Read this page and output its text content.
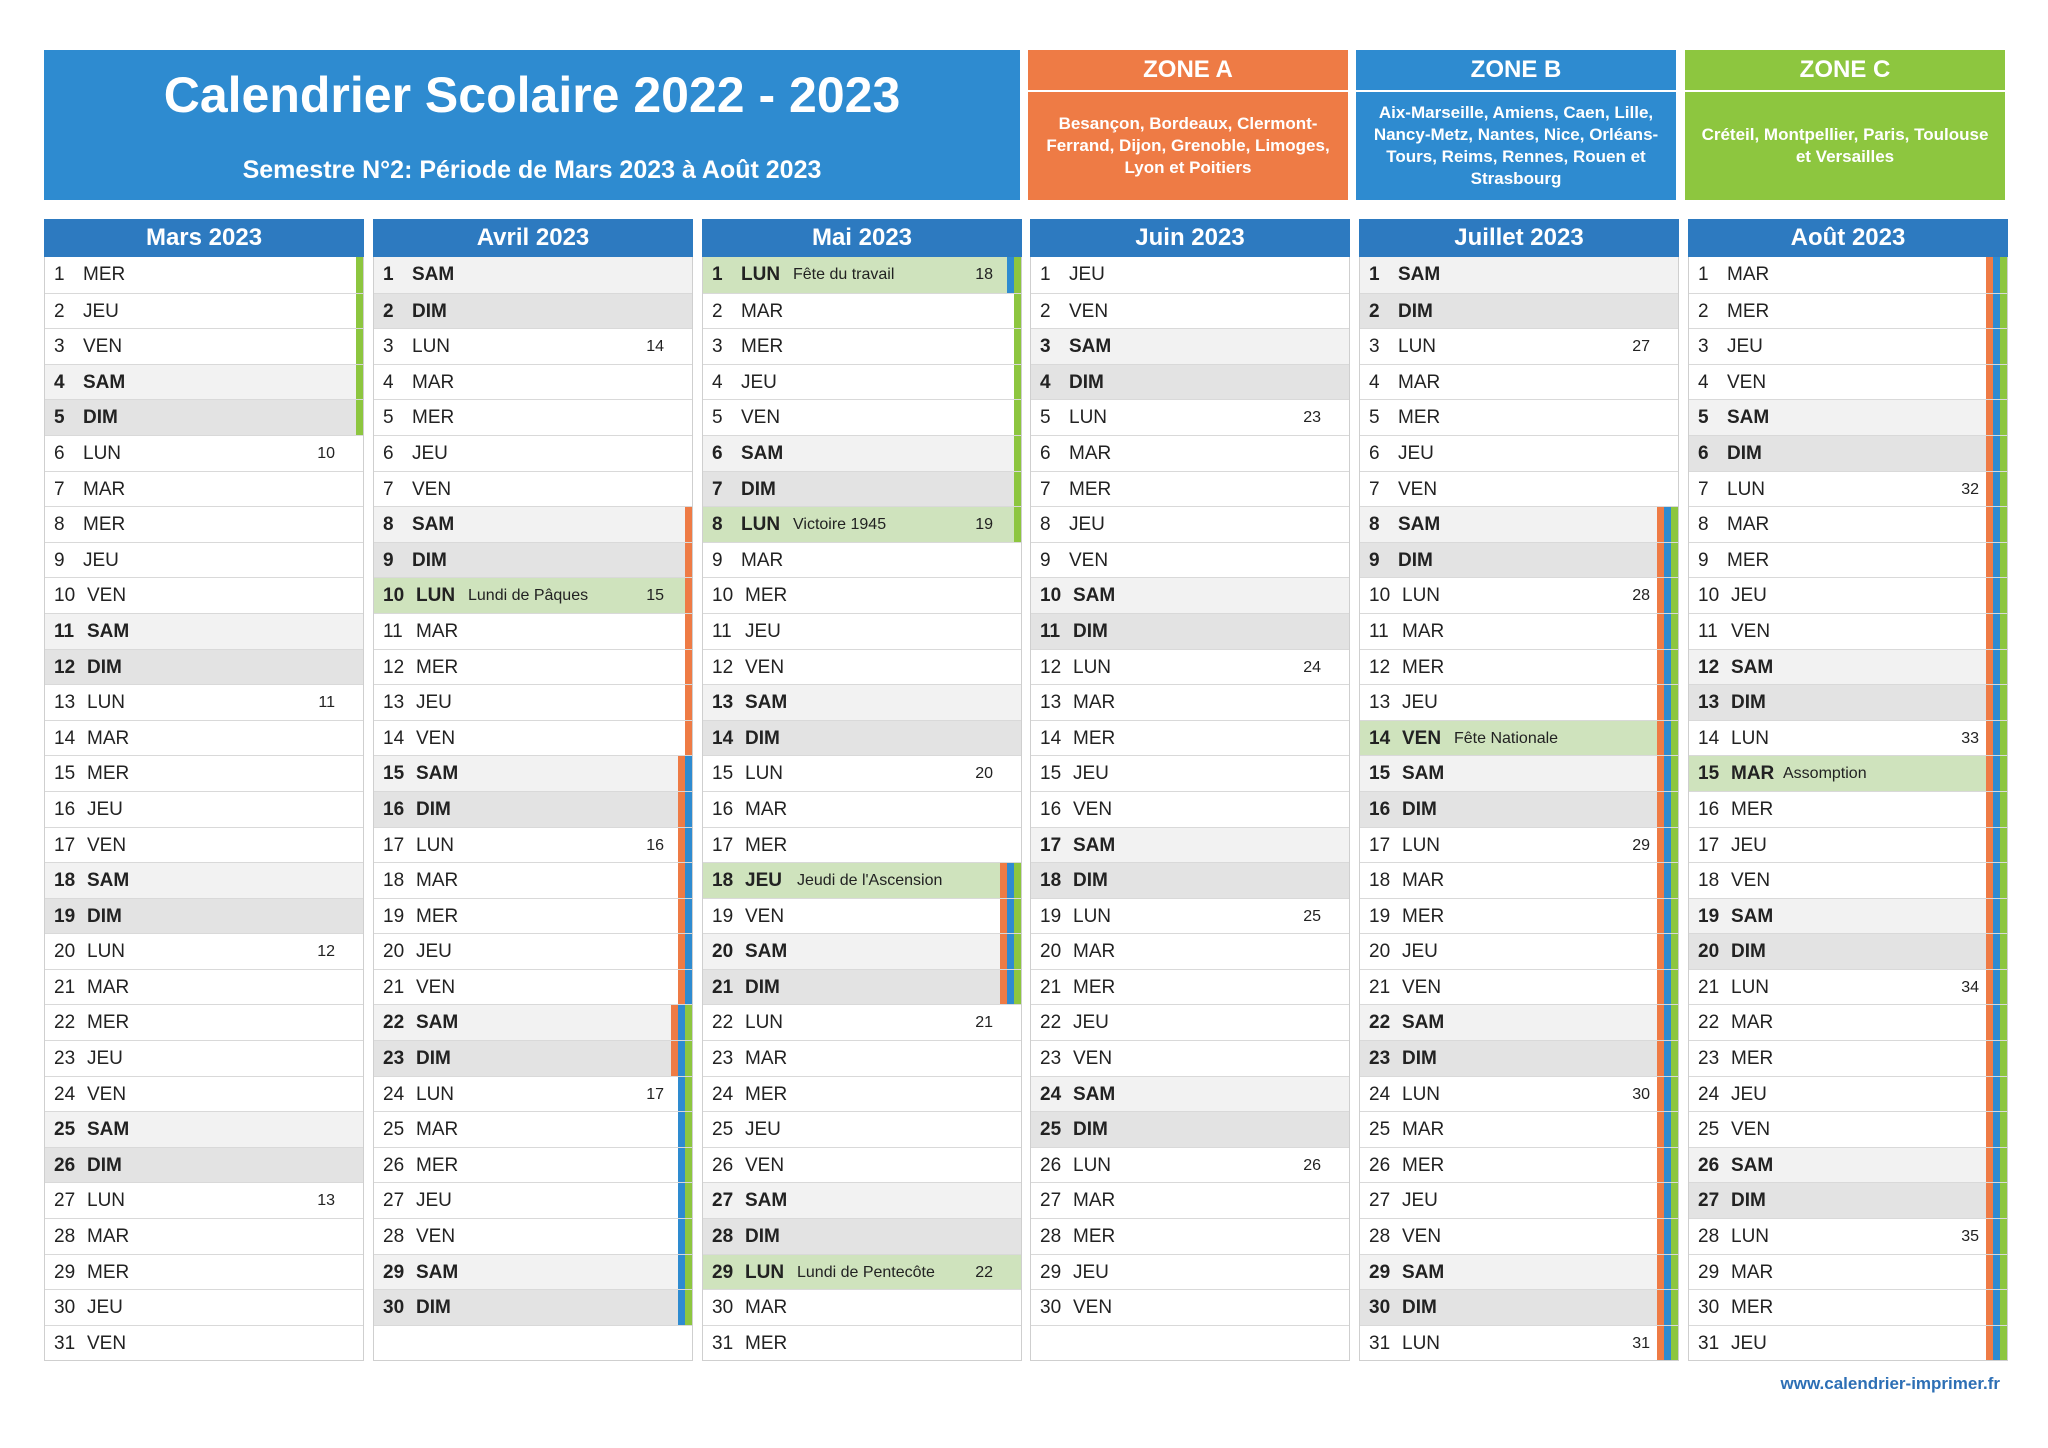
Calendrier Scolaire 2022 - 2023
Semestre N°2: Période de Mars 2023 à Août 2023
ZONE A
Besançon, Bordeaux, Clermont-Ferrand, Dijon, Grenoble, Limoges, Lyon et Poitiers
ZONE B
Aix-Marseille, Amiens, Caen, Lille, Nancy-Metz, Nantes, Nice, Orléans-Tours, Reims, Rennes, Rouen et Strasbourg
ZONE C
Créteil, Montpellier, Paris, Toulouse et Versailles
Mars 2023
1 MER
2 JEU
3 VEN
4 SAM
5 DIM
6 LUN	10
7 MAR
8 MER
9 JEU
10 VEN
11 SAM
12 DIM
13 LUN	11
14 MAR
15 MER
16 JEU
17 VEN
18 SAM
19 DIM
20 LUN	12
21 MAR
22 MER
23 JEU
24 VEN
25 SAM
26 DIM
27 LUN	13
28 MAR
29 MER
30 JEU
31 VEN
Avril 2023
1 SAM
2 DIM
3 LUN	14
4 MAR
5 MER
6 JEU
7 VEN
8 SAM
9 DIM
10 LUN Lundi de Pâques	15
11 MAR
12 MER
13 JEU
14 VEN
15 SAM
16 DIM
17 LUN	16
18 MAR
19 MER
20 JEU
21 VEN
22 SAM
23 DIM
24 LUN	17
25 MAR
26 MER
27 JEU
28 VEN
29 SAM
30 DIM
Mai 2023
1 LUN Fête du travail	18
2 MAR
3 MER
4 JEU
5 VEN
6 SAM
7 DIM
8 LUN Victoire 1945	19
9 MAR
10 MER
11 JEU
12 VEN
13 SAM
14 DIM
15 LUN	20
16 MAR
17 MER
18 JEU Jeudi de l'Ascension
19 VEN
20 SAM
21 DIM
22 LUN	21
23 MAR
24 MER
25 JEU
26 VEN
27 SAM
28 DIM
29 LUN Lundi de Pentecôte	22
30 MAR
31 MER
Juin 2023
1 JEU
2 VEN
3 SAM
4 DIM
5 LUN	23
6 MAR
7 MER
8 JEU
9 VEN
10 SAM
11 DIM
12 LUN	24
13 MAR
14 MER
15 JEU
16 VEN
17 SAM
18 DIM
19 LUN	25
20 MAR
21 MER
22 JEU
23 VEN
24 SAM
25 DIM
26 LUN	26
27 MAR
28 MER
29 JEU
30 VEN
Juillet 2023
1 SAM
2 DIM
3 LUN	27
4 MAR
5 MER
6 JEU
7 VEN
8 SAM
9 DIM
10 LUN	28
11 MAR
12 MER
13 JEU
14 VEN Fête Nationale
15 SAM
16 DIM
17 LUN	29
18 MAR
19 MER
20 JEU
21 VEN
22 SAM
23 DIM
24 LUN	30
25 MAR
26 MER
27 JEU
28 VEN
29 SAM
30 DIM
31 LUN	31
Août 2023
1 MAR
2 MER
3 JEU
4 VEN
5 SAM
6 DIM
7 LUN	32
8 MAR
9 MER
10 JEU
11 VEN
12 SAM
13 DIM
14 LUN	33
15 MAR Assomption
16 MER
17 JEU
18 VEN
19 SAM
20 DIM
21 LUN	34
22 MAR
23 MER
24 JEU
25 VEN
26 SAM
27 DIM
28 LUN	35
29 MAR
30 MER
31 JEU
www.calendrier-imprimer.fr
